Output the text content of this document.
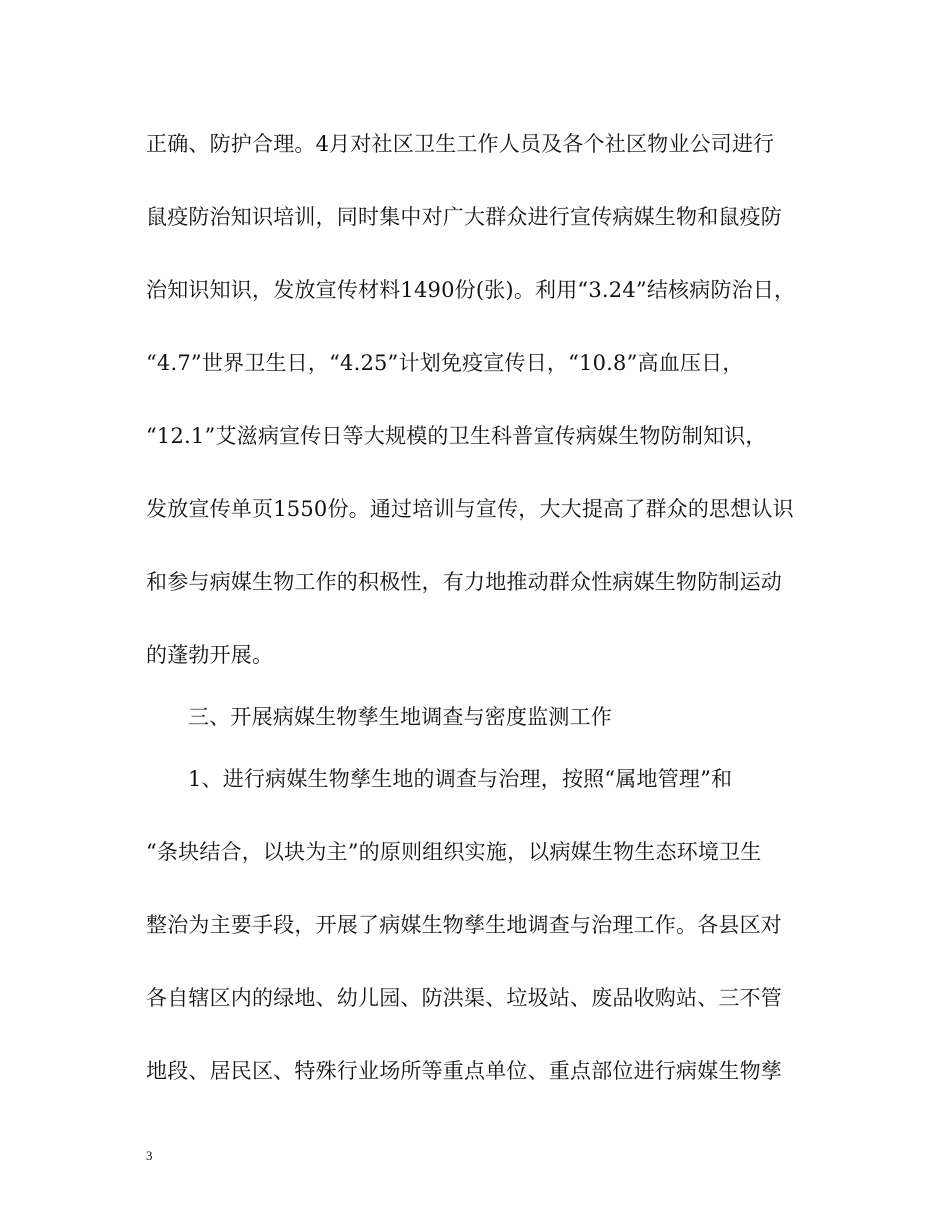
正确、防护合理。4月对社区卫生工作人员及各个社区物业公司进行
鼠疫防治知识培训，同时集中对广大群众进行宣传病媒生物和鼠疫防
治知识知识，发放宣传材料1490份(张)。利用“3.24”结核病防治日，
“4.7”世界卫生日，“4.25”计划免疫宣传日，“10.8”高血压日，
“12.1”艾滋病宣传日等大规模的卫生科普宣传病媒生物防制知识，
发放宣传单页1550份。通过培训与宣传，大大提高了群众的思想认识
和参与病媒生物工作的积极性，有力地推动群众性病媒生物防制运动
的蓬勃开展。
三、开展病媒生物孳生地调查与密度监测工作
1、进行病媒生物孳生地的调查与治理，按照“属地管理”和
“条块结合，以块为主”的原则组织实施，以病媒生物生态环境卫生
整治为主要手段，开展了病媒生物孳生地调查与治理工作。各县区对
各自辖区内的绿地、幼儿园、防洪渠、垃圾站、废品收购站、三不管
地段、居民区、特殊行业场所等重点单位、重点部位进行病媒生物孳
3
